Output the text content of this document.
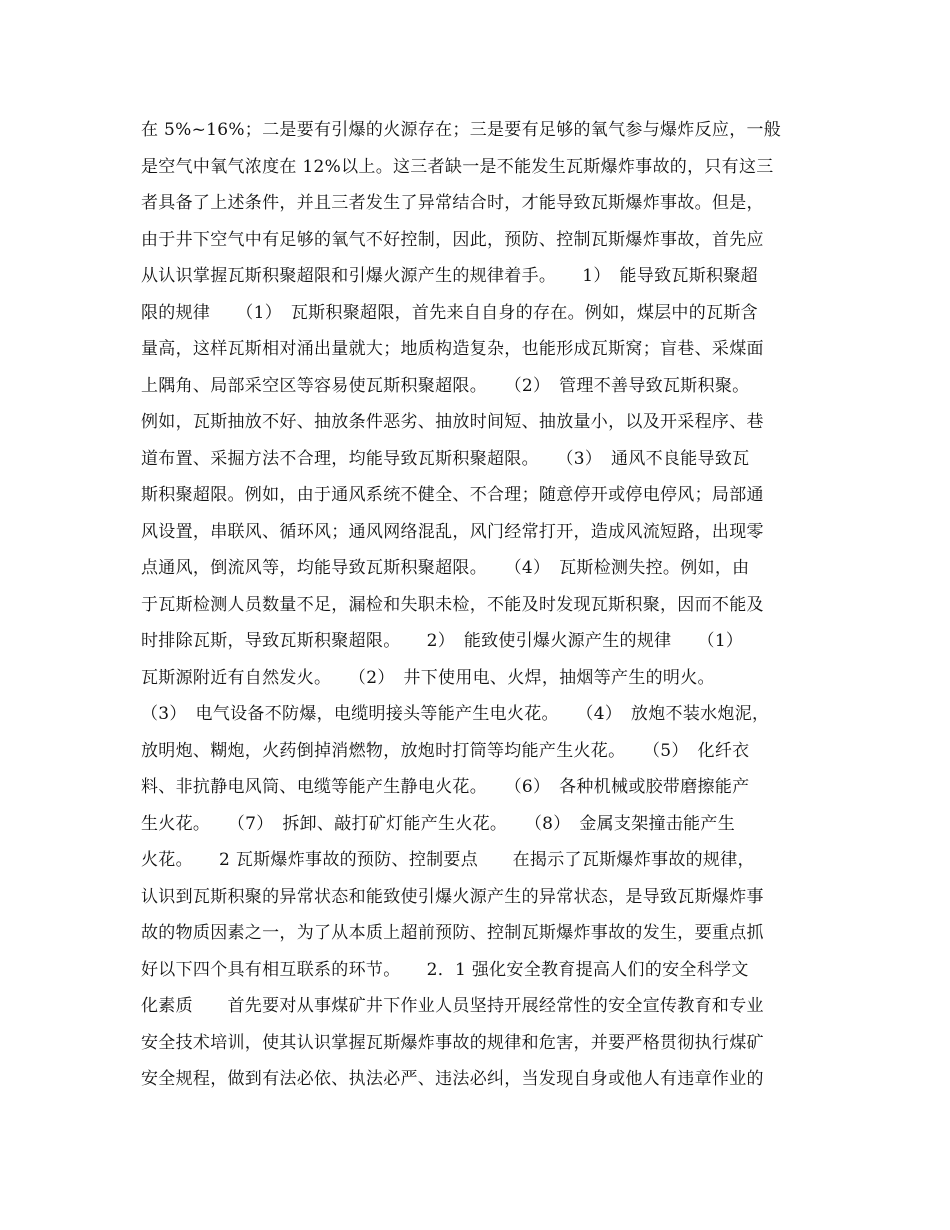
在 5%~16%；二是要有引爆的火源存在；三是要有足够的氧气参与爆炸反应，一般
是空气中氧气浓度在 12%以上。这三者缺一是不能发生瓦斯爆炸事故的，只有这三
者具备了上述条件，并且三者发生了异常结合时，才能导致瓦斯爆炸事故。但是，
由于井下空气中有足够的氧气不好控制，因此，预防、控制瓦斯爆炸事故，首先应
从认识掌握瓦斯积聚超限和引爆火源产生的规律着手。　　1）　能导致瓦斯积聚超
限的规律　　（1）　瓦斯积聚超限，首先来自自身的存在。例如，煤层中的瓦斯含
量高，这样瓦斯相对涌出量就大；地质构造复杂，也能形成瓦斯窝；盲巷、采煤面
上隅角、局部采空区等容易使瓦斯积聚超限。　　（2）　管理不善导致瓦斯积聚。
例如，瓦斯抽放不好、抽放条件恶劣、抽放时间短、抽放量小，以及开采程序、巷
道布置、采掘方法不合理，均能导致瓦斯积聚超限。　　（3）　通风不良能导致瓦
斯积聚超限。例如，由于通风系统不健全、不合理；随意停开或停电停风；局部通
风设置，串联风、循环风；通风网络混乱，风门经常打开，造成风流短路，出现零
点通风，倒流风等，均能导致瓦斯积聚超限。　　（4）　瓦斯检测失控。例如，由
于瓦斯检测人员数量不足，漏检和失职未检，不能及时发现瓦斯积聚，因而不能及
时排除瓦斯，导致瓦斯积聚超限。　　2）　能致使引爆火源产生的规律　　（1）
瓦斯源附近有自然发火。　　（2）　井下使用电、火焊，抽烟等产生的明火。
（3）　电气设备不防爆，电缆明接头等能产生电火花。　　（4）　放炮不装水炮泥，
放明炮、糊炮，火药倒掉消燃物，放炮时打筒等均能产生火花。　　（5）　化纤衣
料、非抗静电风筒、电缆等能产生静电火花。　　（6）　各种机械或胶带磨擦能产
生火花。　　（7）　拆卸、敲打矿灯能产生火花。　　（8）　金属支架撞击能产生
火花。　　2 瓦斯爆炸事故的预防、控制要点　　在揭示了瓦斯爆炸事故的规律，
认识到瓦斯积聚的异常状态和能致使引爆火源产生的异常状态，是导致瓦斯爆炸事
故的物质因素之一，为了从本质上超前预防、控制瓦斯爆炸事故的发生，要重点抓
好以下四个具有相互联系的环节。　　2．1 强化安全教育提高人们的安全科学文
化素质　　首先要对从事煤矿井下作业人员坚持开展经常性的安全宣传教育和专业
安全技术培训，使其认识掌握瓦斯爆炸事故的规律和危害，并要严格贯彻执行煤矿
安全规程，做到有法必依、执法必严、违法必纠，当发现自身或他人有违章作业的
